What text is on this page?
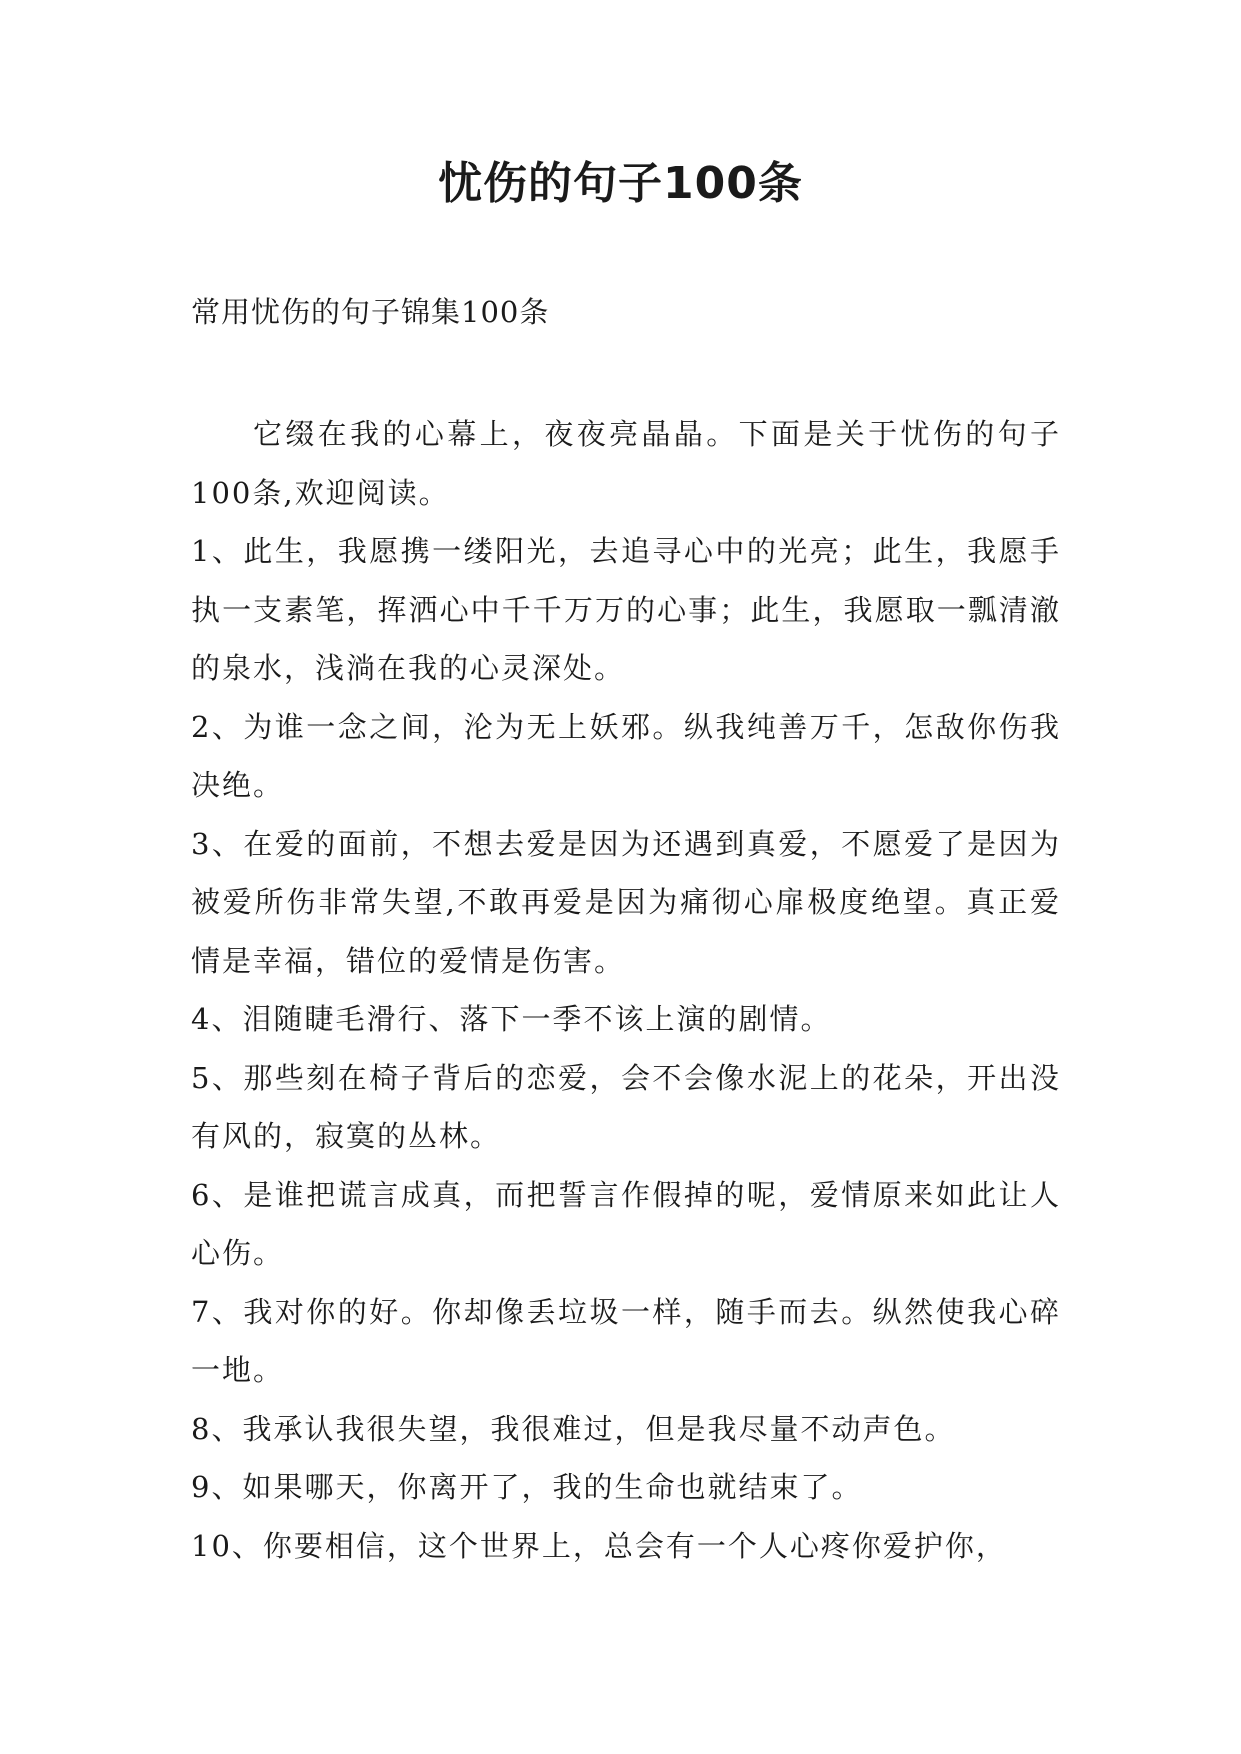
忧伤的句子100条

常用忧伤的句子锦集100条

它缀在我的心幕上，夜夜亮晶晶。下面是关于忧伤的句子100条,欢迎阅读。

1、此生，我愿携一缕阳光，去追寻心中的光亮；此生，我愿手执一支素笔，挥洒心中千千万万的心事；此生，我愿取一瓢清澈的泉水，浅淌在我的心灵深处。

2、为谁一念之间，沦为无上妖邪。纵我纯善万千，怎敌你伤我决绝。

3、在爱的面前，不想去爱是因为还遇到真爱，不愿爱了是因为被爱所伤非常失望,不敢再爱是因为痛彻心扉极度绝望。真正爱情是幸福，错位的爱情是伤害。

4、泪随睫毛滑行、落下一季不该上演的剧情。

5、那些刻在椅子背后的恋爱，会不会像水泥上的花朵，开出没有风的，寂寞的丛林。

6、是谁把谎言成真，而把誓言作假掉的呢，爱情原来如此让人心伤。

7、我对你的好。你却像丢垃圾一样，随手而去。纵然使我心碎一地。

8、我承认我很失望，我很难过，但是我尽量不动声色。

9、如果哪天，你离开了，我的生命也就结束了。

10、你要相信，这个世界上，总会有一个人心疼你爱护你，
